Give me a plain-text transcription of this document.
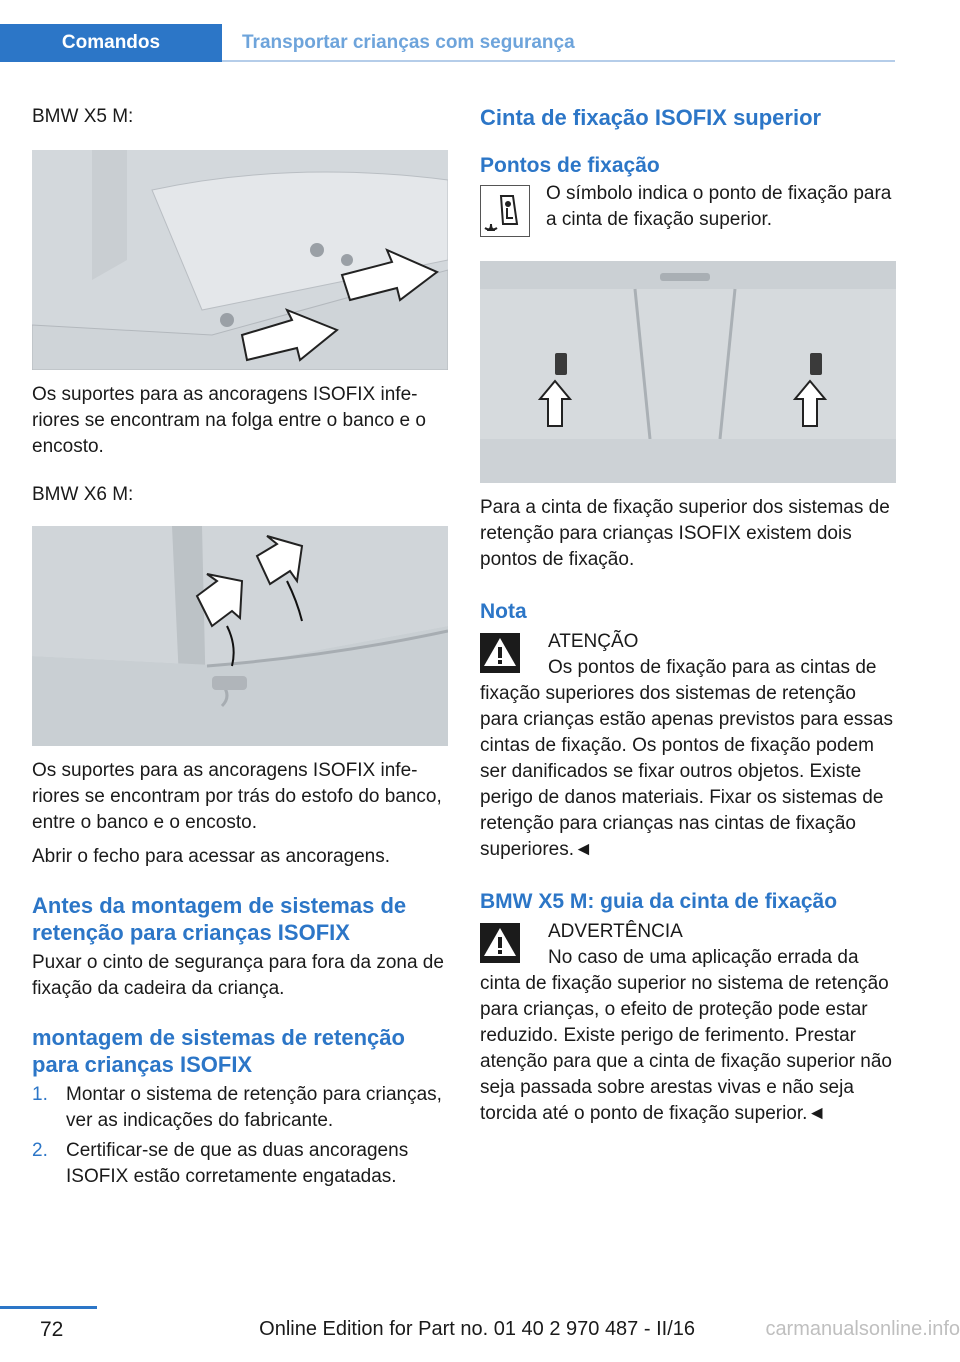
Comandos	Transportar crianças com segurança

BMW X5 M:

Os suportes para as ancoragens ISOFIX inferiores se encontram na folga entre o banco e o encosto.

BMW X6 M:

Os suportes para as ancoragens ISOFIX inferiores se encontram por trás do estofo do banco, entre o banco e o encosto.

Abrir o fecho para acessar as ancoragens.

Antes da montagem de sistemas de retenção para crianças ISOFIX

Puxar o cinto de segurança para fora da zona de fixação da cadeira da criança.

montagem de sistemas de retenção para crianças ISOFIX
1. Montar o sistema de retenção para crianças, ver as indicações do fabricante.
2. Certificar-se de que as duas ancoragens ISOFIX estão corretamente engatadas.
Cinta de fixação ISOFIX superior
Pontos de fixação

O símbolo indica o ponto de fixação para a cinta de fixação superior.

Para a cinta de fixação superior dos sistemas de retenção para crianças ISOFIX existem dois pontos de fixação.

Nota

ATENÇÃO

Os pontos de fixação para as cintas de fixação superiores dos sistemas de retenção para crianças estão apenas previstos para essas cintas de fixação. Os pontos de fixação podem ser danificados se fixar outros objetos. Existe perigo de danos materiais. Fixar os sistemas de retenção para crianças nas cintas de fixação superiores.◄

BMW X5 M: guia da cinta de fixação

ADVERTÊNCIA

No caso de uma aplicação errada da cinta de fixação superior no sistema de retenção para crianças, o efeito de proteção pode estar reduzido. Existe perigo de ferimento. Prestar atenção para que a cinta de fixação superior não seja passada sobre arestas vivas e não seja torcida até o ponto de fixação superior.◄

72	Online Edition for Part no. 01 40 2 970 487 - II/16	carmanualsonline.info
